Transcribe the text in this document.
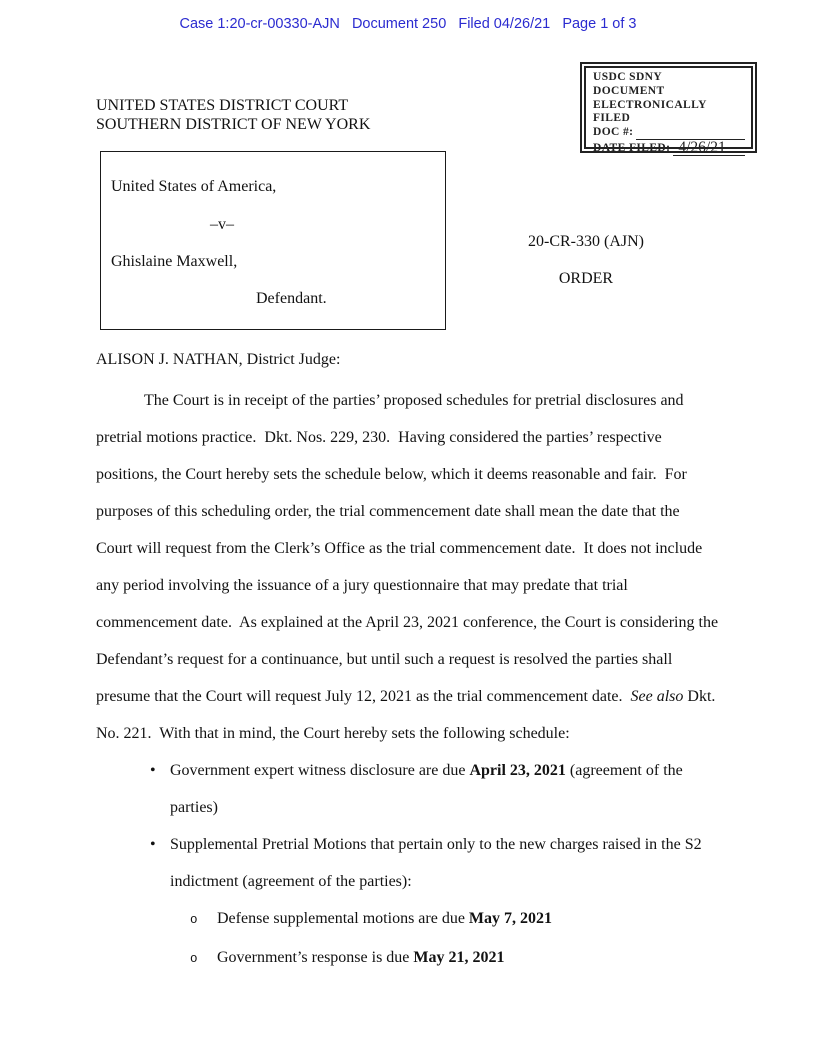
Case 1:20-cr-00330-AJN   Document 250   Filed 04/26/21   Page 1 of 3
USDC SDNY
DOCUMENT
ELECTRONICALLY FILED
DOC #:
DATE FILED: 4/26/21
UNITED STATES DISTRICT COURT
SOUTHERN DISTRICT OF NEW YORK
United States of America,
–v–
Ghislaine Maxwell,
Defendant.
20-CR-330 (AJN)
ORDER
ALISON J. NATHAN, District Judge:
The Court is in receipt of the parties’ proposed schedules for pretrial disclosures and
pretrial motions practice.  Dkt. Nos. 229, 230.  Having considered the parties’ respective
positions, the Court hereby sets the schedule below, which it deems reasonable and fair.  For
purposes of this scheduling order, the trial commencement date shall mean the date that the
Court will request from the Clerk’s Office as the trial commencement date.  It does not include
any period involving the issuance of a jury questionnaire that may predate that trial
commencement date.  As explained at the April 23, 2021 conference, the Court is considering the
Defendant’s request for a continuance, but until such a request is resolved the parties shall
presume that the Court will request July 12, 2021 as the trial commencement date.  See also Dkt.
No. 221.  With that in mind, the Court hereby sets the following schedule:
• Government expert witness disclosure are due April 23, 2021 (agreement of the
parties)
• Supplemental Pretrial Motions that pertain only to the new charges raised in the S2
indictment (agreement of the parties):
o Defense supplemental motions are due May 7, 2021
o Government’s response is due May 21, 2021
